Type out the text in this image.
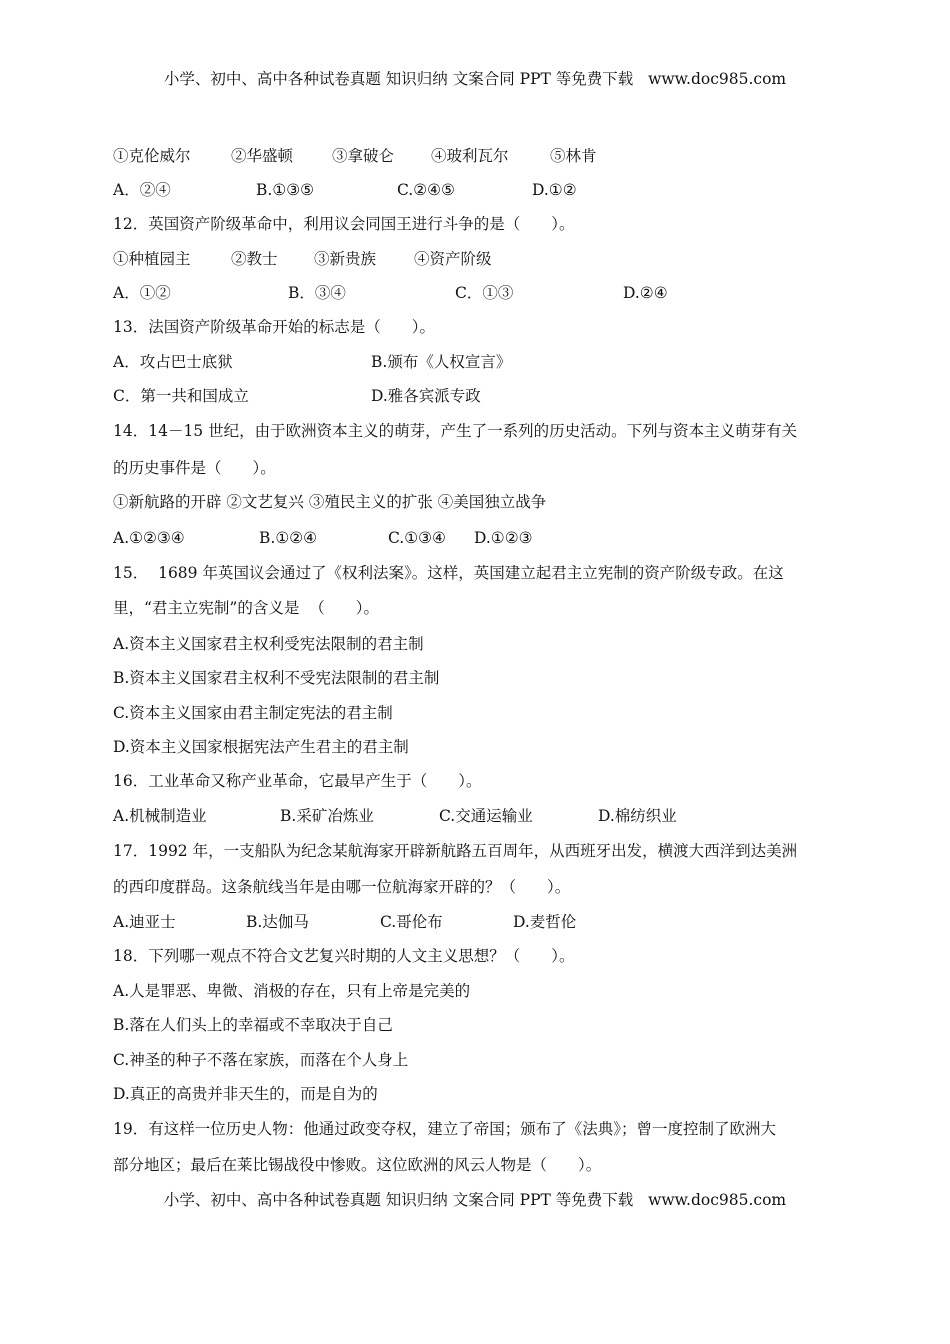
小学、初中、高中各种试卷真题 知识归纳 文案合同 PPT 等免费下载   www.doc985.com

①克伦威尔

	②华盛顿

	③拿破仑

④玻利瓦尔

	⑤林肯

A．②④

	B.①③⑤

	C.②④⑤

	D.①②

12．英国资产阶级革命中，利用议会同国王进行斗争的是（　　）。

①种植园主

	②教士

③新贵族

④资产阶级

A．①②

	B．③④

	C．①③

	D.②④

13．法国资产阶级革命开始的标志是（　　）。

A．攻占巴士底狱

	B.颁布《人权宣言》

C．第一共和国成立

	D.雅各宾派专政

14．14－15 世纪，由于欧洲资本主义的萌芽，产生了一系列的历史活动。下列与资本主义萌芽有关
的历史事件是（　　）。
①新航路的开辟 ②文艺复兴 ③殖民主义的扩张 ④美国独立战争

A.①②③④

	B.①②④

	C.①③④

D.①②③

15．  1689 年英国议会通过了《权利法案》。这样，英国建立起君主立宪制的资产阶级专政。在这
里，“君主立宪制”的含义是  （　　）。
A.资本主义国家君主权利受宪法限制的君主制
B.资本主义国家君主权利不受宪法限制的君主制
C.资本主义国家由君主制定宪法的君主制
D.资本主义国家根据宪法产生君主的君主制
16．工业革命又称产业革命，它最早产生于（　　）。

A.机械制造业

	B.采矿冶炼业

	C.交通运输业

	D.棉纺织业

17．1992 年，一支船队为纪念某航海家开辟新航路五百周年，从西班牙出发，横渡大西洋到达美洲
的西印度群岛。这条航线当年是由哪一位航海家开辟的？（　　）。

A.迪亚士

	B.达伽马

	C.哥伦布

	D.麦哲伦

18．下列哪一观点不符合文艺复兴时期的人文主义思想？（　　）。
A.人是罪恶、卑微、消极的存在，只有上帝是完美的
B.落在人们头上的幸福或不幸取决于自己
C.神圣的种子不落在家族，而落在个人身上
D.真正的高贵并非天生的，而是自为的
19．有这样一位历史人物：他通过政变夺权，建立了帝国；颁布了《法典》；曾一度控制了欧洲大
部分地区；最后在莱比锡战役中惨败。这位欧洲的风云人物是（　　）。
小学、初中、高中各种试卷真题 知识归纳 文案合同 PPT 等免费下载   www.doc985.com
